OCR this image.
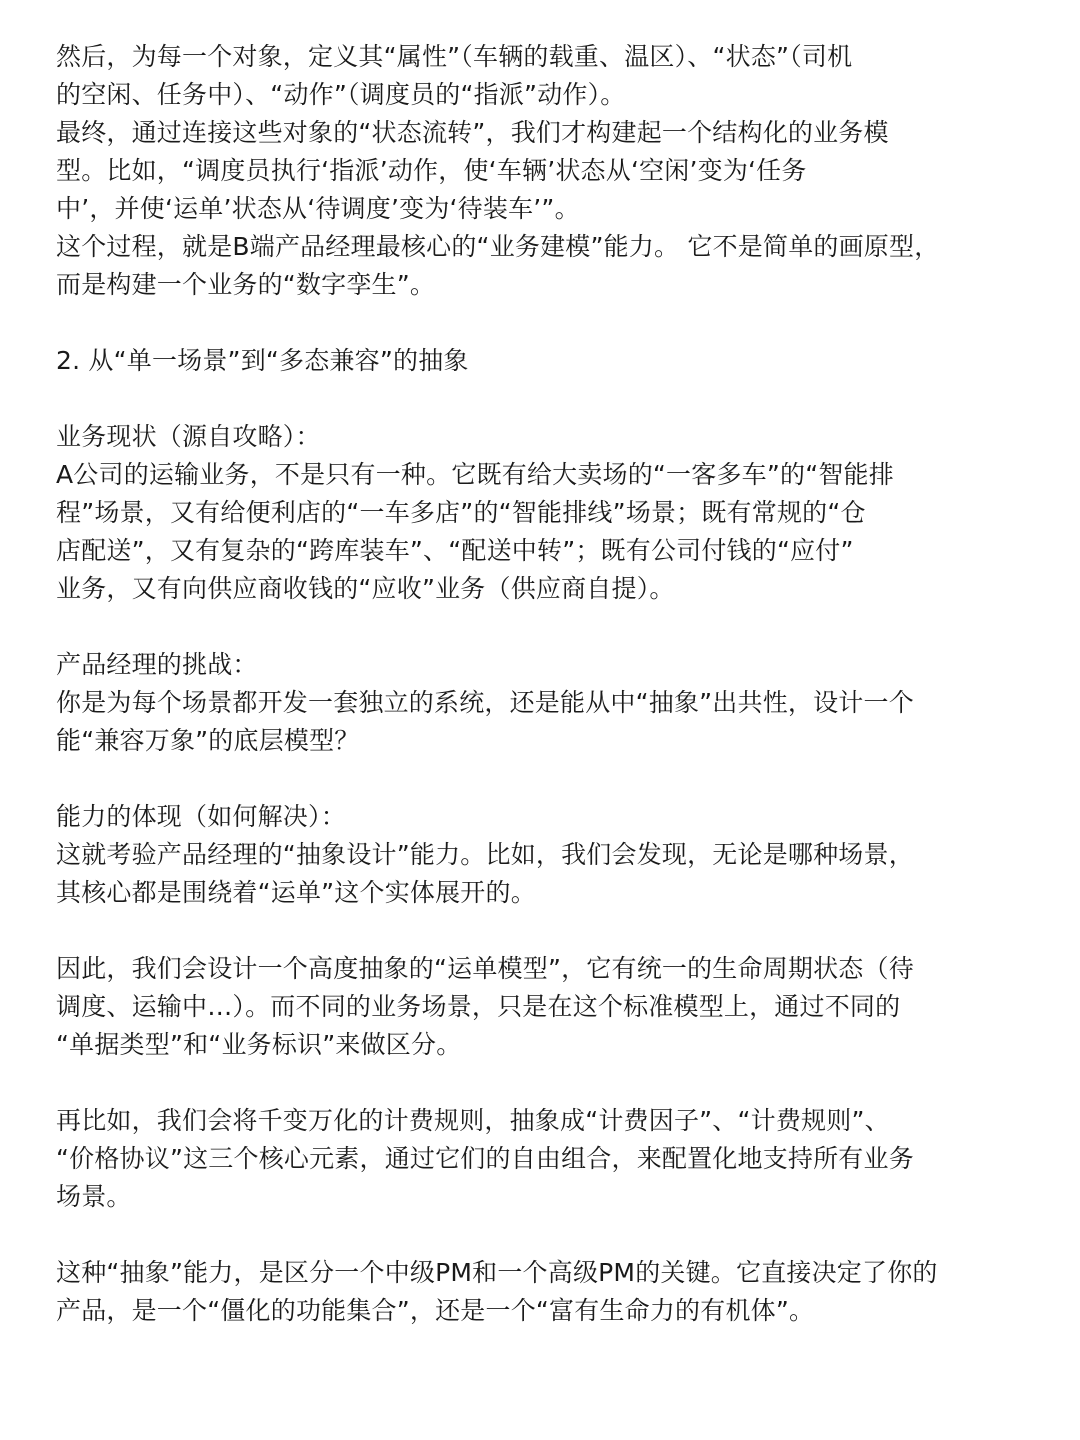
然后，为每一个对象，定义其“属性”（车辆的载重、温区）、“状态”（司机
的空闲、任务中）、“动作”（调度员的“指派”动作）。
最终，通过连接这些对象的“状态流转”，我们才构建起一个结构化的业务模
型。比如，“调度员执行‘指派’动作，使‘车辆’状态从‘空闲’变为‘任务
中’，并使‘运单’状态从‘待调度’变为‘待装车’”。
这个过程，就是B端产品经理最核心的“业务建模”能力。 它不是简单的画原型，
而是构建一个业务的“数字孪生”。
2. 从“单一场景”到“多态兼容”的抽象
业务现状（源自攻略）：
A公司的运输业务，不是只有一种。它既有给大卖场的“一客多车”的“智能排
程”场景，又有给便利店的“一车多店”的“智能排线”场景；既有常规的“仓
店配送”，又有复杂的“跨库装车”、“配送中转”；既有公司付钱的“应付”
业务，又有向供应商收钱的“应收”业务（供应商自提）。
产品经理的挑战：
你是为每个场景都开发一套独立的系统，还是能从中“抽象”出共性，设计一个
能“兼容万象”的底层模型？
能力的体现（如何解决）：
这就考验产品经理的“抽象设计”能力。比如，我们会发现，无论是哪种场景，
其核心都是围绕着“运单”这个实体展开的。
因此，我们会设计一个高度抽象的“运单模型”，它有统一的生命周期状态（待
调度、运输中…）。而不同的业务场景，只是在这个标准模型上，通过不同的
“单据类型”和“业务标识”来做区分。
再比如，我们会将千变万化的计费规则，抽象成“计费因子”、“计费规则”、
“价格协议”这三个核心元素，通过它们的自由组合，来配置化地支持所有业务
场景。
这种“抽象”能力，是区分一个中级PM和一个高级PM的关键。它直接决定了你的
产品，是一个“僵化的功能集合”，还是一个“富有生命力的有机体”。
